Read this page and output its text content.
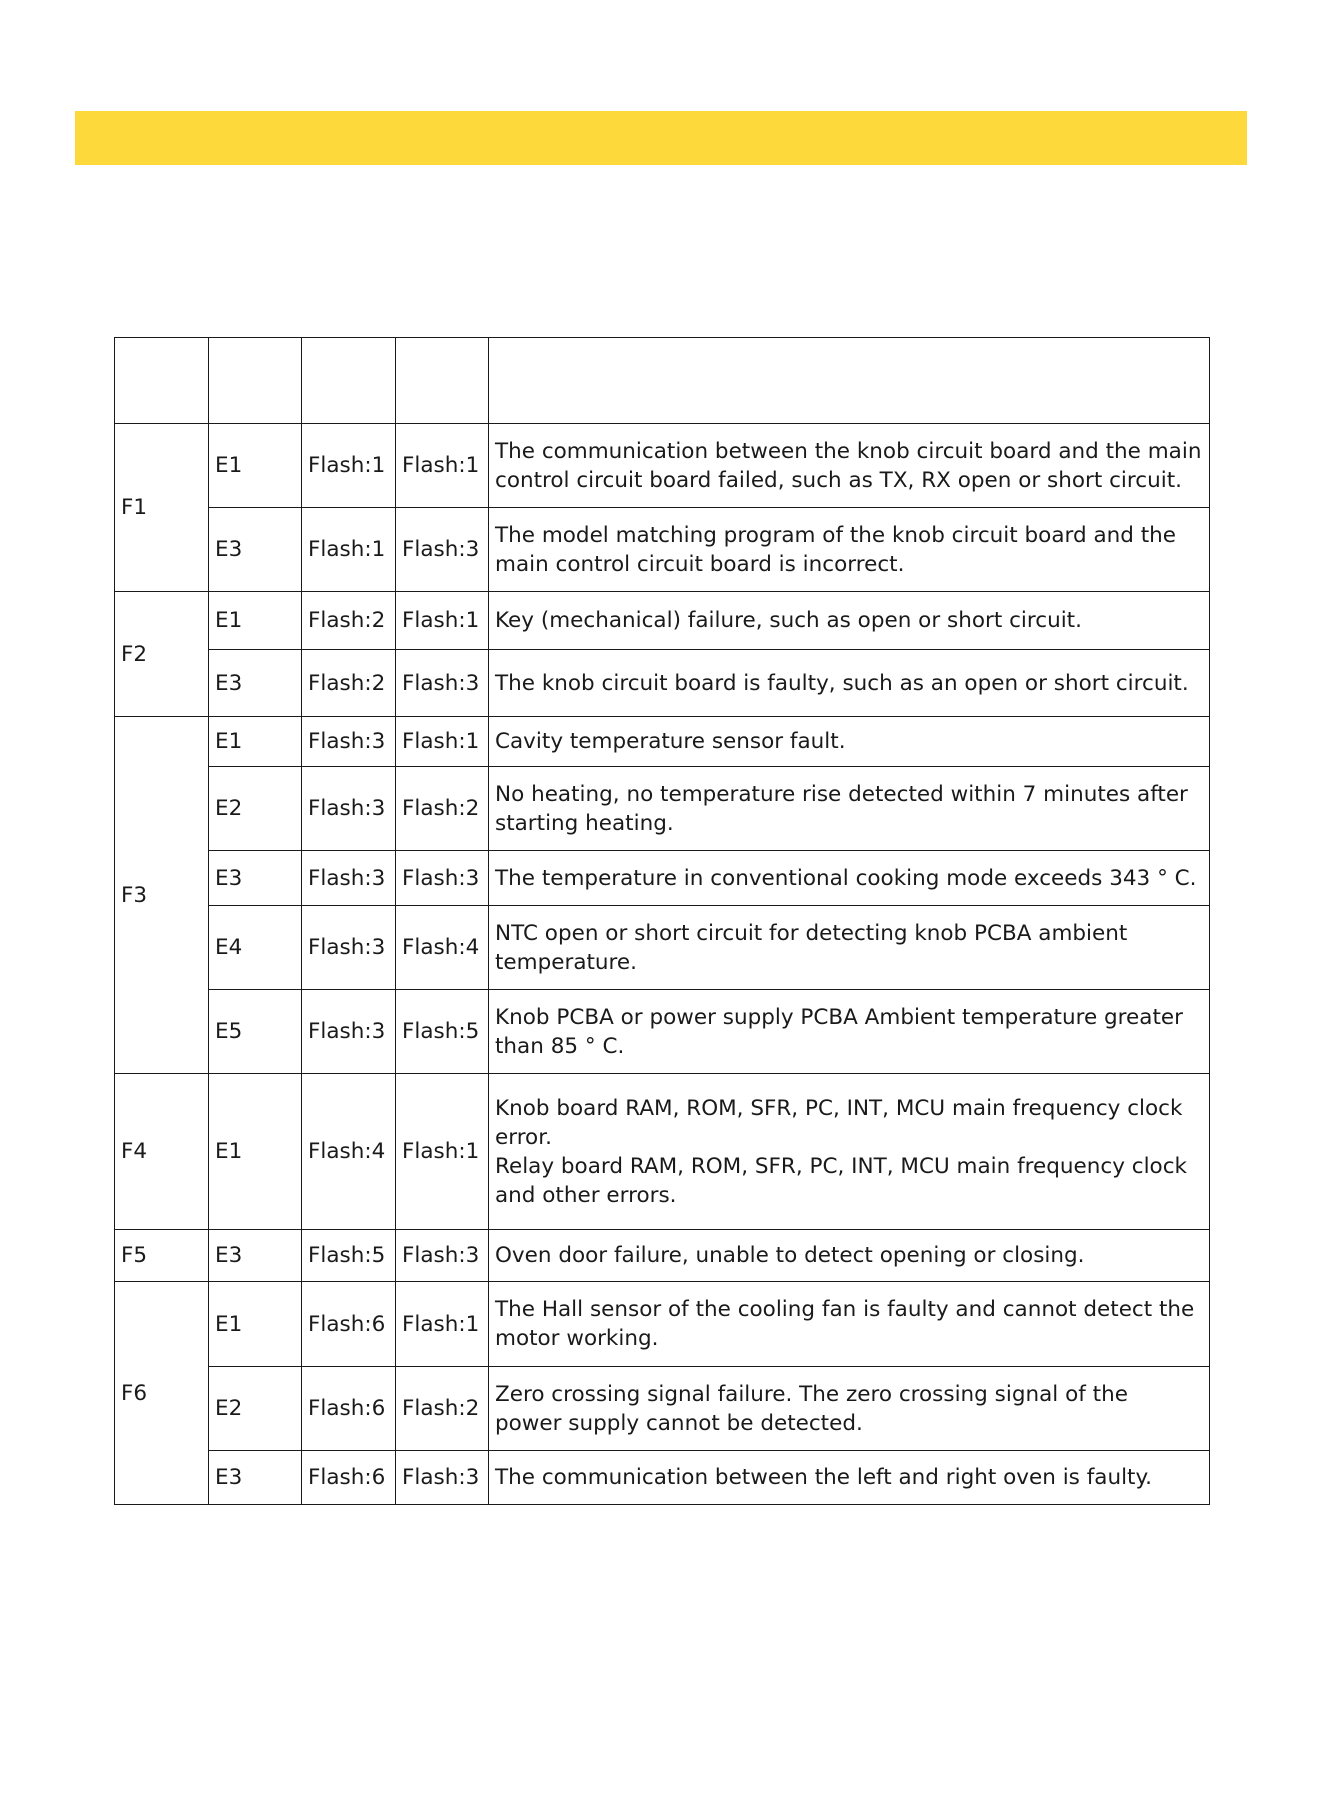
F1	E1	Flash:1	Flash:1	The communication between the knob circuit board and the main
control circuit board failed, such as TX, RX open or short circuit.

	E3	Flash:1	Flash:3	The model matching program of the knob circuit board and the
main control circuit board is incorrect.

F2	E1	Flash:2	Flash:1	Key (mechanical) failure, such as open or short circuit.

	E3	Flash:2	Flash:3	The knob circuit board is faulty, such as an open or short circuit.

F3	E1	Flash:3	Flash:1	Cavity temperature sensor fault.

	E2	Flash:3	Flash:2	No heating, no temperature rise detected within 7 minutes after
starting heating.

	E3	Flash:3	Flash:3	The temperature in conventional cooking mode exceeds 343 ° C.

	E4	Flash:3	Flash:4	NTC open or short circuit for detecting knob PCBA ambient
temperature.

	E5	Flash:3	Flash:5	Knob PCBA or power supply PCBA Ambient temperature greater
than 85 ° C.

F4	E1	Flash:4	Flash:1	Knob board RAM, ROM, SFR, PC, INT, MCU main frequency clock
error.
Relay board RAM, ROM, SFR, PC, INT, MCU main frequency clock
and other errors.

F5	E3	Flash:5	Flash:3	Oven door failure, unable to detect opening or closing.

F6	E1	Flash:6	Flash:1	The Hall sensor of the cooling fan is faulty and cannot detect the
motor working.

	E2	Flash:6	Flash:2	Zero crossing signal failure. The zero crossing signal of the
power supply cannot be detected.

	E3	Flash:6	Flash:3	The communication between the left and right oven is faulty.
